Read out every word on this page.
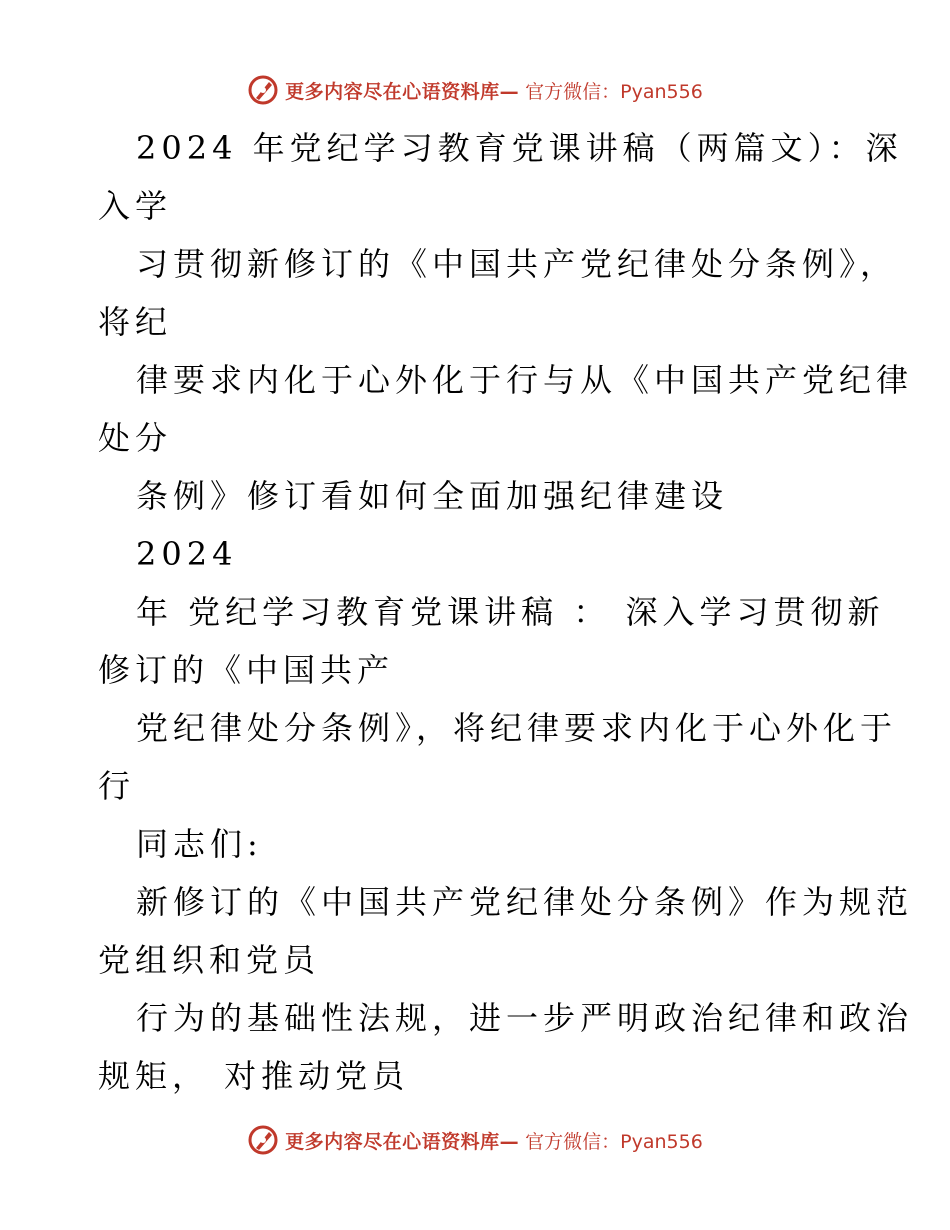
更多内容尽在心语资料库— 官方微信：Pyan556
2024 年党纪学习教育党课讲稿（两篇文）：深
入学
习贯彻新修订的《中国共产党纪律处分条例》，
将纪
律要求内化于心外化于行与从《中国共产党纪律
处分
条例》修订看如何全面加强纪律建设
2024
年 党纪学习教育党课讲稿 ： 深入学习贯彻新
修订的《中国共产
党纪律处分条例》，将纪律要求内化于心外化于
行
同志们:
新修订的《中国共产党纪律处分条例》作为规范
党组织和党员
行为的基础性法规，进一步严明政治纪律和政治
规矩， 对推动党员
更多内容尽在心语资料库— 官方微信：Pyan556
